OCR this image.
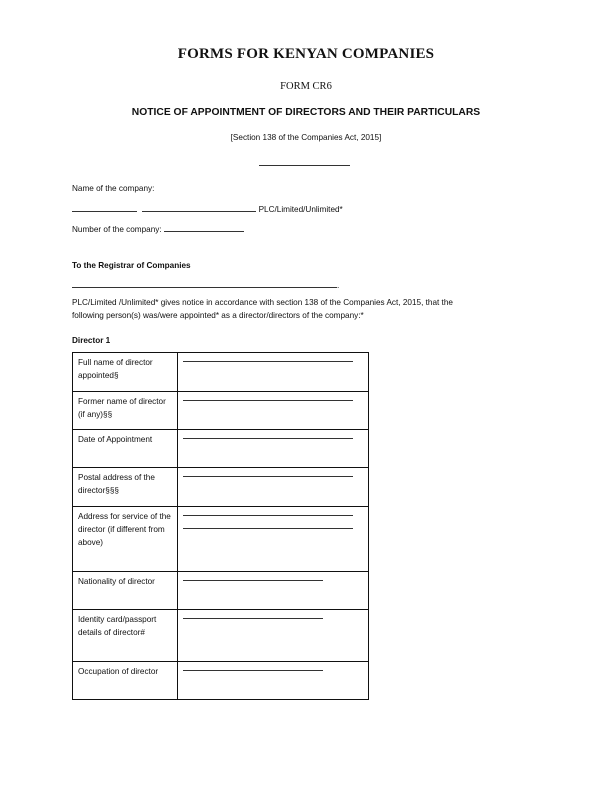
FORMS FOR KENYAN COMPANIES
FORM CR6
NOTICE OF APPOINTMENT OF DIRECTORS AND THEIR PARTICULARS
[Section 138 of the Companies Act, 2015]
Name of the company:
PLC/Limited/Unlimited*
Number of the company:
To the Registrar of Companies
.
PLC/Limited /Unlimited* gives notice in accordance with section 138 of the Companies Act, 2015, that the
following person(s) was/were appointed* as a director/directors of the company:*
Director 1
Full name of director appointed§	

Former name of director (if any)§§	

Date of Appointment	

Postal address of the director§§§	

Address for service of the director (if different from above)	

Nationality of director	

Identity card/passport details of director#	

Occupation of director	
